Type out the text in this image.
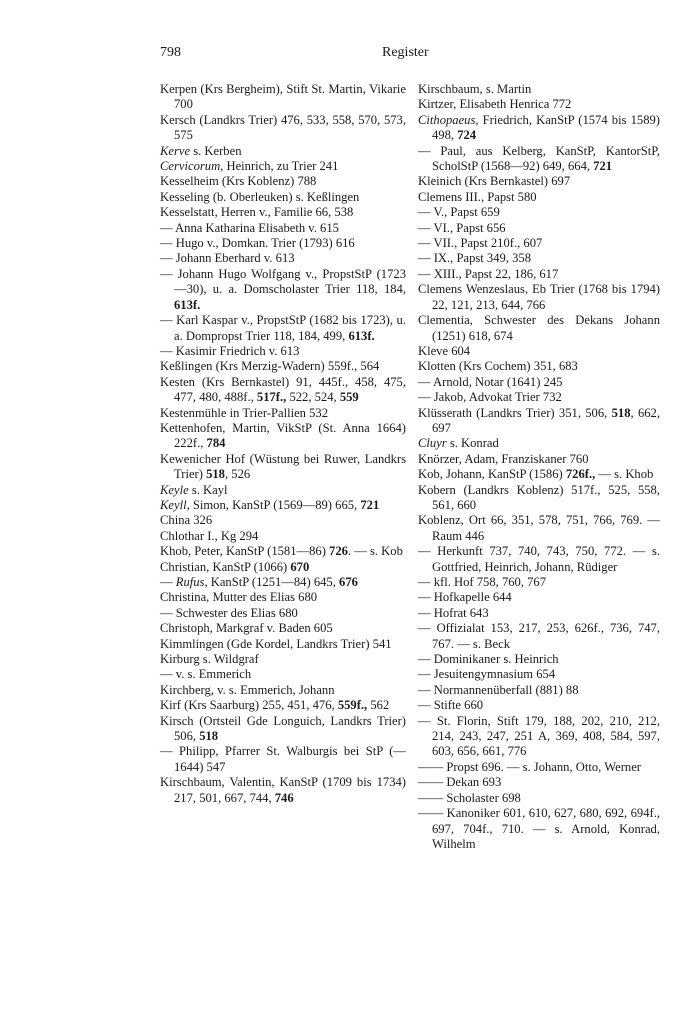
798	Register
Kerpen (Krs Bergheim), Stift St. Martin, Vikarie 700
Kersch (Landkrs Trier) 476, 533, 558, 570, 573, 575
Kerve s. Kerben
Cervicorum, Heinrich, zu Trier 241
Kesselheim (Krs Koblenz) 788
Kesseling (b. Oberleuken) s. Keßlingen
Kesselstatt, Herren v., Familie 66, 538
— Anna Katharina Elisabeth v. 615
— Hugo v., Domkan. Trier (1793) 616
— Johann Eberhard v. 613
— Johann Hugo Wolfgang v., PropstStP (1723—30), u. a. Domscholaster Trier 118, 184, 613f.
— Karl Kaspar v., PropstStP (1682 bis 1723), u. a. Dompropst Trier 118, 184, 499, 613f.
— Kasimir Friedrich v. 613
Keßlingen (Krs Merzig-Wadern) 559f., 564
Kesten (Krs Bernkastel) 91, 445f., 458, 475, 477, 480, 488f., 517f., 522, 524, 559
Kestenmühle in Trier-Pallien 532
Kettenhofen, Martin, VikStP (St. Anna 1664) 222f., 784
Kewenicher Hof (Wüstung bei Ruwer, Landkrs Trier) 518, 526
Keyle s. Kayl
Keyll, Simon, KanStP (1569—89) 665, 721
China 326
Chlothar I., Kg 294
Khob, Peter, KanStP (1581—86) 726. — s. Kob
Christian, KanStP (1066) 670
— Rufus, KanStP (1251—84) 645, 676
Christina, Mutter des Elias 680
— Schwester des Elias 680
Christoph, Markgraf v. Baden 605
Kimmlingen (Gde Kordel, Landkrs Trier) 541
Kirburg s. Wildgraf
— v. s. Emmerich
Kirchberg, v. s. Emmerich, Johann
Kirf (Krs Saarburg) 255, 451, 476, 559f., 562
Kirsch (Ortsteil Gde Longuich, Landkrs Trier) 506, 518
— Philipp, Pfarrer St. Walburgis bei StP (—1644) 547
Kirschbaum, Valentin, KanStP (1709 bis 1734) 217, 501, 667, 744, 746
Kirschbaum, s. Martin
Kirtzer, Elisabeth Henrica 772
Cithopaeus, Friedrich, KanStP (1574 bis 1589) 498, 724
— Paul, aus Kelberg, KanStP, KantorStP, ScholStP (1568—92) 649, 664, 721
Kleinich (Krs Bernkastel) 697
Clemens III., Papst 580
— V., Papst 659
— VI., Papst 656
— VII., Papst 210f., 607
— IX., Papst 349, 358
— XIII., Papst 22, 186, 617
Clemens Wenzeslaus, Eb Trier (1768 bis 1794) 22, 121, 213, 644, 766
Clementia, Schwester des Dekans Johann (1251) 618, 674
Kleve 604
Klotten (Krs Cochem) 351, 683
— Arnold, Notar (1641) 245
— Jakob, Advokat Trier 732
Klüsserath (Landkrs Trier) 351, 506, 518, 662, 697
Cluyr s. Konrad
Knörzer, Adam, Franziskaner 760
Kob, Johann, KanStP (1586) 726f., — s. Khob
Kobern (Landkrs Koblenz) 517f., 525, 558, 561, 660
Koblenz, Ort 66, 351, 578, 751, 766, 769. — Raum 446
— Herkunft 737, 740, 743, 750, 772. — s. Gottfried, Heinrich, Johann, Rüdiger
— kfl. Hof 758, 760, 767
— Hofkapelle 644
— Hofrat 643
— Offizialat 153, 217, 253, 626f., 736, 747, 767. — s. Beck
— Dominikaner s. Heinrich
— Jesuitengymnasium 654
— Normannenüberfall (881) 88
— Stifte 660
— St. Florin, Stift 179, 188, 202, 210, 212, 214, 243, 247, 251 A, 369, 408, 584, 597, 603, 656, 661, 776
—— Propst 696. — s. Johann, Otto, Werner
—— Dekan 693
—— Scholaster 698
—— Kanoniker 601, 610, 627, 680, 692, 694f., 697, 704f., 710. — s. Arnold, Konrad, Wilhelm
